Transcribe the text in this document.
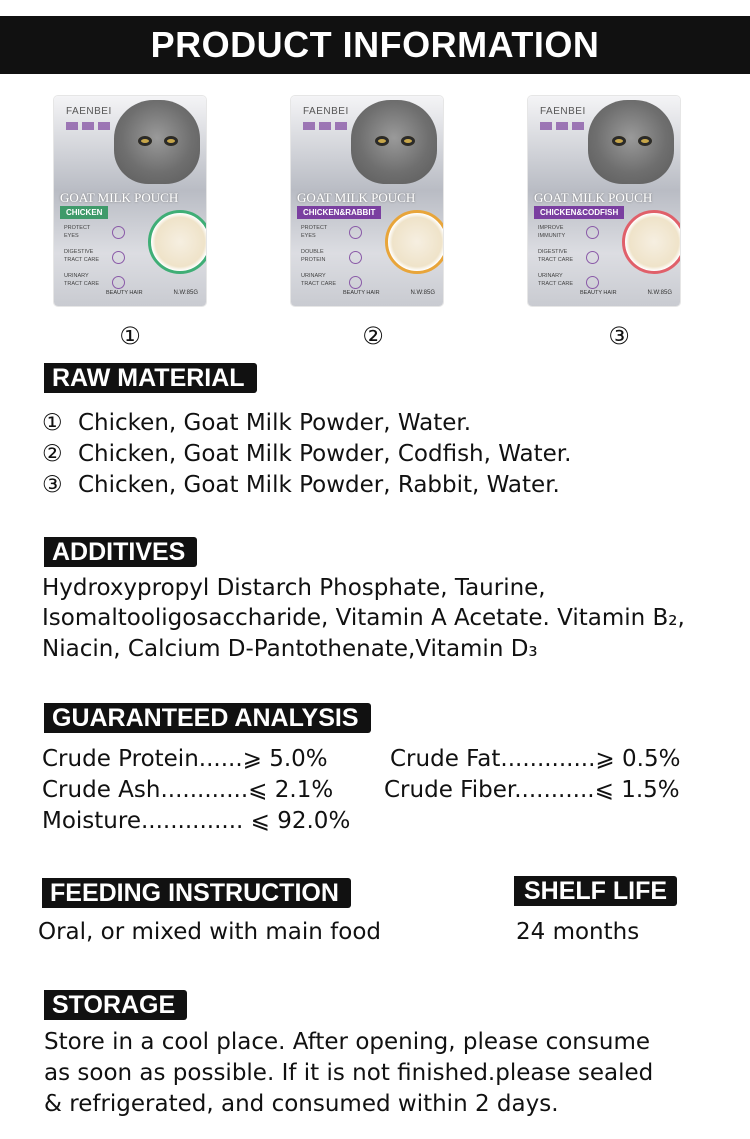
PRODUCT INFORMATION
FAENBEI
GOAT MILK POUCH
CHICKEN
PROTECT
EYES

DIGESTIVE
TRACT CARE

URINARY
TRACT CARE
BEAUTY HAIR	N.W:85G
FAENBEI
GOAT MILK POUCH
CHICKEN&RABBIT
PROTECT
EYES

DOUBLE
PROTEIN

URINARY
TRACT CARE
BEAUTY HAIR	N.W:85G
FAENBEI
GOAT MILK POUCH
CHICKEN&CODFISH
IMPROVE
IMMUNITY

DIGESTIVE
TRACT CARE

URINARY
TRACT CARE
BEAUTY HAIR	N.W:85G
①	②	③
RAW MATERIAL
① Chicken, Goat Milk Powder, Water.
② Chicken, Goat Milk Powder, Codfish, Water.
③ Chicken, Goat Milk Powder, Rabbit, Water.
ADDITIVES
Hydroxypropyl Distarch Phosphate, Taurine,
Isomaltooligosaccharide, Vitamin A Acetate. Vitamin B₂,
Niacin, Calcium D-Pantothenate,Vitamin D₃
GUARANTEED ANALYSIS
Crude Protein......⩾ 5.0%	Crude Fat.............⩾ 0.5%
Crude Ash............⩽ 2.1% Crude Fiber...........⩽ 1.5%
Moisture.............. ⩽ 92.0%
FEEDING INSTRUCTION
Oral, or mixed with main food
SHELF LIFE
24 months
STORAGE
Store in a cool place. After opening, please consume
as soon as possible. If it is not finished.please sealed
& refrigerated, and consumed within 2 days.
